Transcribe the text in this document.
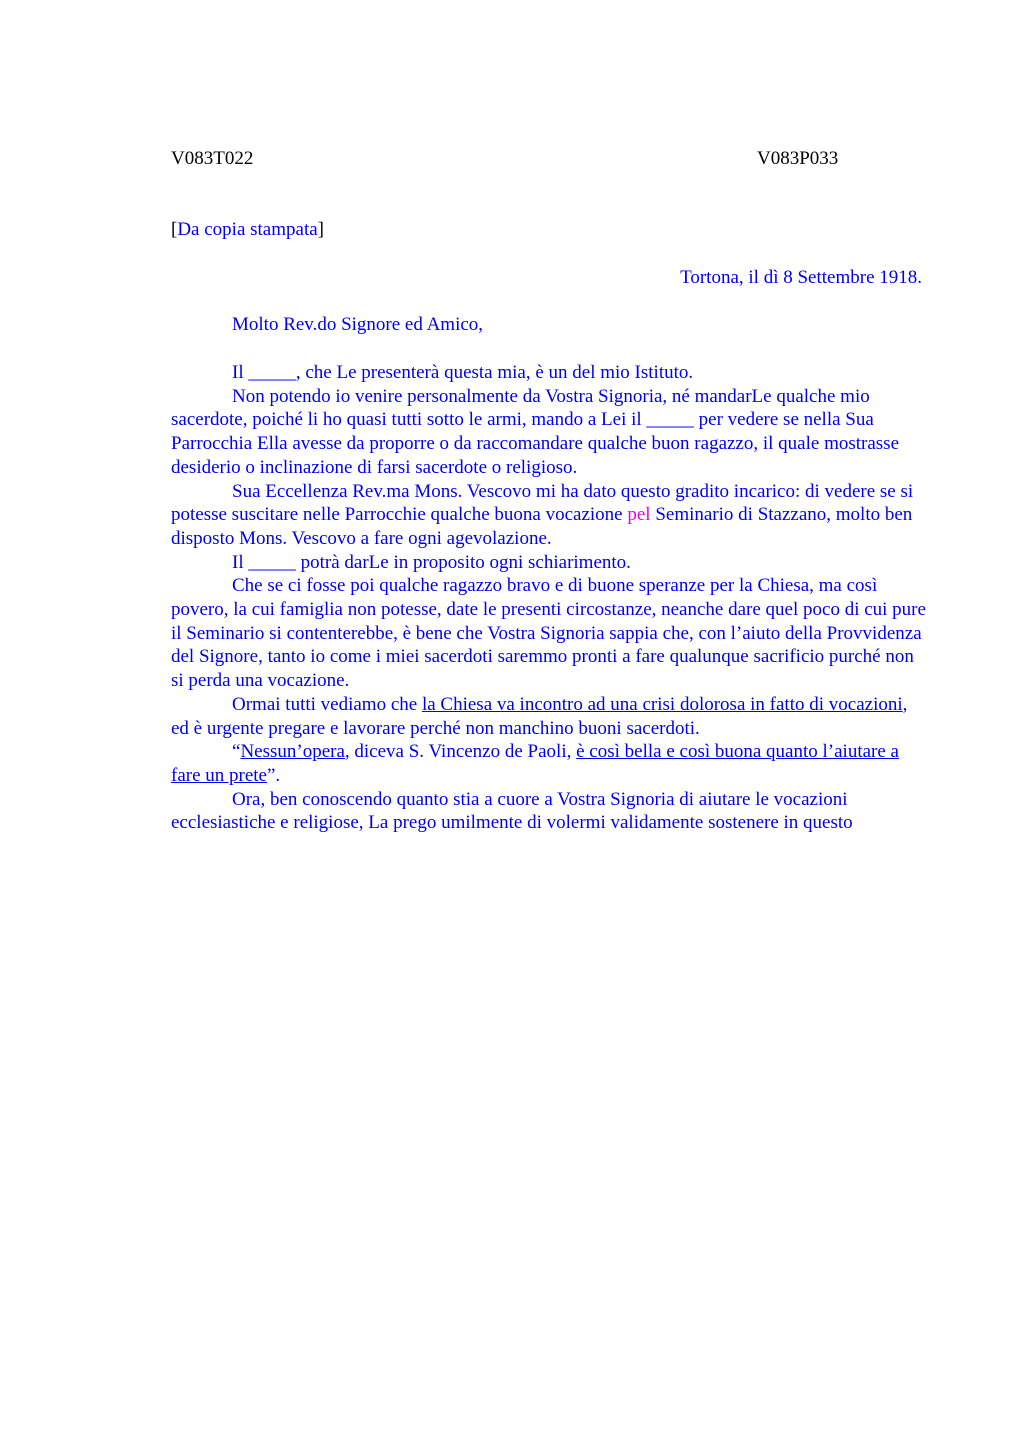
V083T022	V083P033
[Da copia stampata]
Tortona, il dì 8 Settembre 1918.
Molto Rev.do Signore ed Amico,

Il _____, che Le presenterà questa mia, è un del mio Istituto.

Non potendo io venire personalmente da Vostra Signoria, né mandarLe qualche mio sacerdote, poiché li ho quasi tutti sotto le armi, mando a Lei il _____ per vedere se nella Sua Parrocchia Ella avesse da proporre o da raccomandare qualche buon ragazzo, il quale mostrasse desiderio o inclinazione di farsi sacerdote o religioso.

Sua Eccellenza Rev.ma Mons. Vescovo mi ha dato questo gradito incarico: di vedere se si potesse suscitare nelle Parrocchie qualche buona vocazione pel Seminario di Stazzano, molto ben disposto Mons. Vescovo a fare ogni agevolazione.

Il _____ potrà darLe in proposito ogni schiarimento.

Che se ci fosse poi qualche ragazzo bravo e di buone speranze per la Chiesa, ma così povero, la cui famiglia non potesse, date le presenti circostanze, neanche dare quel poco di cui pure il Seminario si contenterebbe, è bene che Vostra Signoria sappia che, con l’aiuto della Provvidenza del Signore, tanto io come i miei sacerdoti saremmo pronti a fare qualunque sacrificio purché non si perda una vocazione.

Ormai tutti vediamo che la Chiesa va incontro ad una crisi dolorosa in fatto di vocazioni, ed è urgente pregare e lavorare perché non manchino buoni sacerdoti.

“Nessun’opera, diceva S. Vincenzo de Paoli, è così bella e così buona quanto l’aiutare a fare un prete”.

Ora, ben conoscendo quanto stia a cuore a Vostra Signoria di aiutare le vocazioni ecclesiastiche e religiose, La prego umilmente di volermi validamente sostenere in questo
